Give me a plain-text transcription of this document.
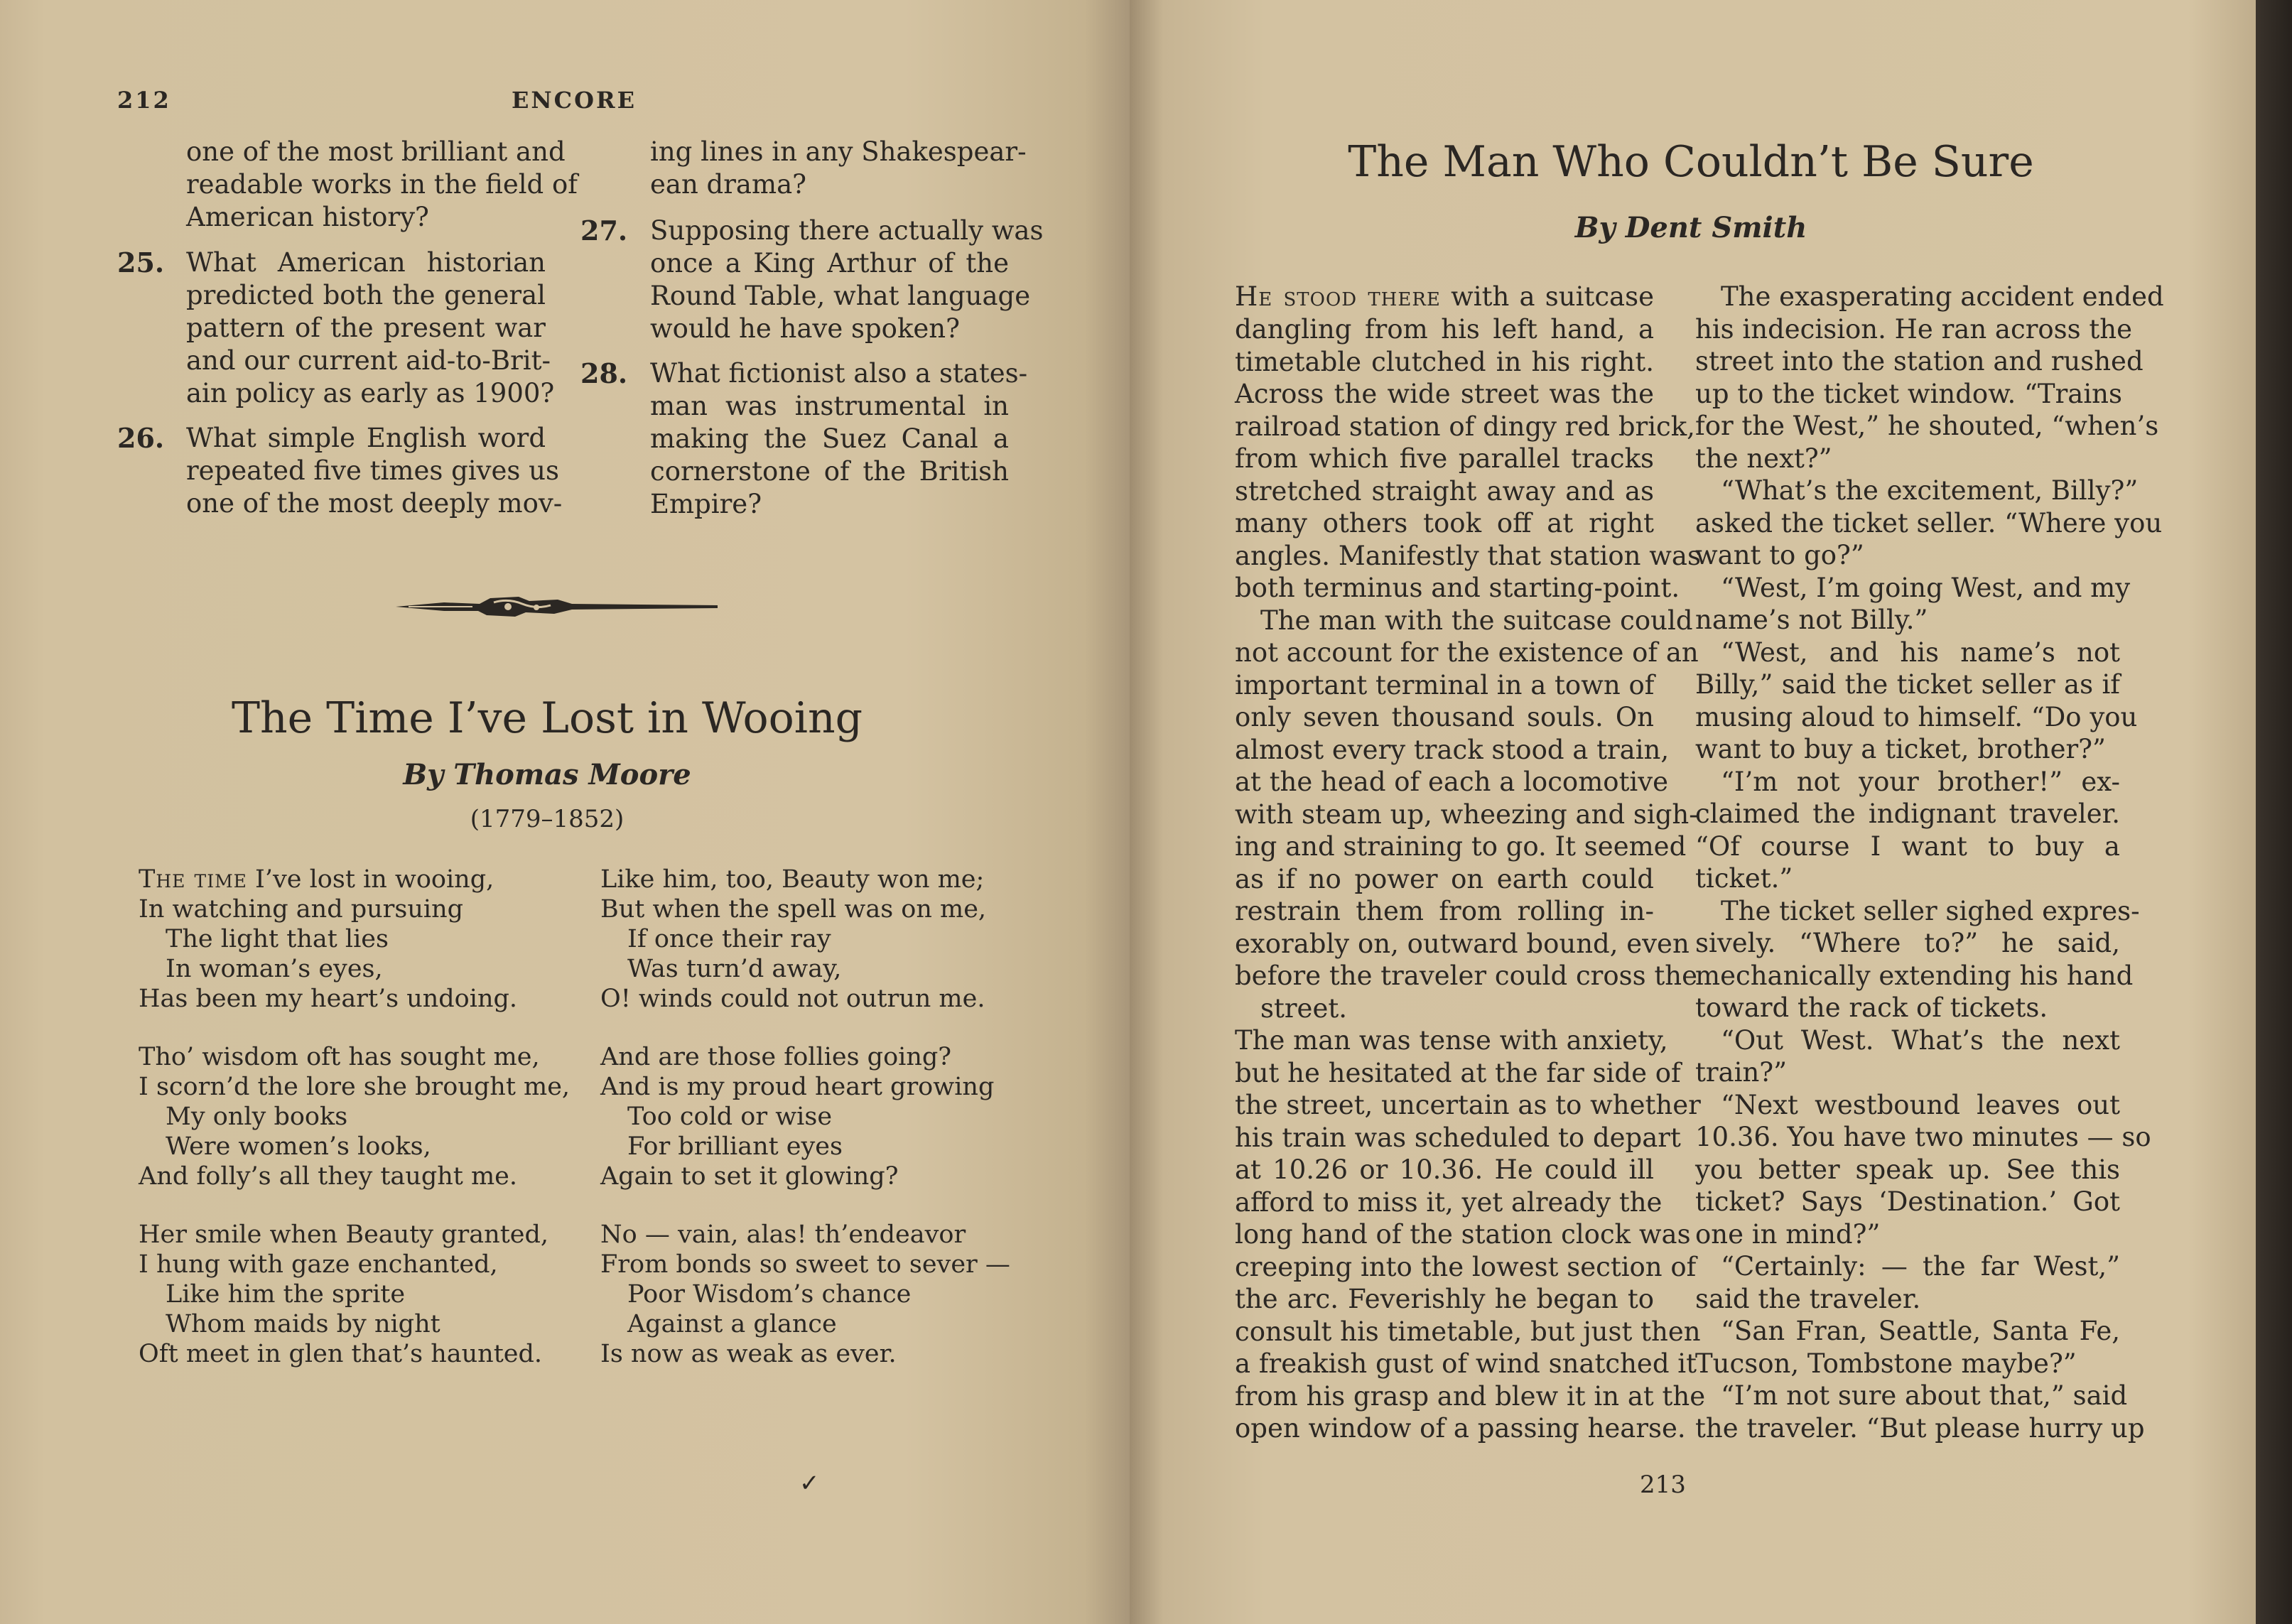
212	ENCORE
one of the most brilliant and
readable works in the field of
American history?
25. What American historian
predicted both the general
pattern of the present war
and our current aid-to-Brit-
ain policy as early as 1900?
26. What simple English word
repeated five times gives us
one of the most deeply mov-
ing lines in any Shakespear-
ean drama?
27. Supposing there actually was
once a King Arthur of the
Round Table, what language
would he have spoken?
28. What fictionist also a states-
man was instrumental in
making the Suez Canal a
cornerstone of the British
Empire?
The Time I’ve Lost in Wooing
By Thomas Moore
(1779–1852)
The time I’ve lost in wooing,
In watching and pursuing
The light that lies
In woman’s eyes,
Has been my heart’s undoing.
Tho’ wisdom oft has sought me,
I scorn’d the lore she brought me,
My only books
Were women’s looks,
And folly’s all they taught me.
Her smile when Beauty granted,
I hung with gaze enchanted,
Like him the sprite
Whom maids by night
Oft meet in glen that’s haunted.
Like him, too, Beauty won me;
But when the spell was on me,
If once their ray
Was turn’d away,
O! winds could not outrun me.
And are those follies going?
And is my proud heart growing
Too cold or wise
For brilliant eyes
Again to set it glowing?
No — vain, alas! th’endeavor
From bonds so sweet to sever —
Poor Wisdom’s chance
Against a glance
Is now as weak as ever.
✓
The Man Who Couldn’t Be Sure
By Dent Smith
He stood there with a suitcase
dangling from his left hand, a
timetable clutched in his right.
Across the wide street was the
railroad station of dingy red brick,
from which five parallel tracks
stretched straight away and as
many others took off at right
angles. Manifestly that station was
both terminus and starting-point.
The man with the suitcase could
not account for the existence of an
important terminal in a town of
only seven thousand souls. On
almost every track stood a train,
at the head of each a locomotive
with steam up, wheezing and sigh-
ing and straining to go. It seemed
as if no power on earth could
restrain them from rolling in-
exorably on, outward bound, even
before the traveler could cross the
street.
The man was tense with anxiety,
but he hesitated at the far side of
the street, uncertain as to whether
his train was scheduled to depart
at 10.26 or 10.36. He could ill
afford to miss it, yet already the
long hand of the station clock was
creeping into the lowest section of
the arc. Feverishly he began to
consult his timetable, but just then
a freakish gust of wind snatched it
from his grasp and blew it in at the
open window of a passing hearse.
The exasperating accident ended
his indecision. He ran across the
street into the station and rushed
up to the ticket window. “Trains
for the West,” he shouted, “when’s
the next?”
“What’s the excitement, Billy?”
asked the ticket seller. “Where you
want to go?”
“West, I’m going West, and my
name’s not Billy.”
“West, and his name’s not
Billy,” said the ticket seller as if
musing aloud to himself. “Do you
want to buy a ticket, brother?”
“I’m not your brother!” ex-
claimed the indignant traveler.
“Of course I want to buy a
ticket.”
The ticket seller sighed expres-
sively. “Where to?” he said,
mechanically extending his hand
toward the rack of tickets.
“Out West. What’s the next
train?”
“Next westbound leaves out
10.36. You have two minutes — so
you better speak up. See this
ticket? Says ‘Destination.’ Got
one in mind?”
“Certainly: — the far West,”
said the traveler.
“San Fran, Seattle, Santa Fe,
Tucson, Tombstone maybe?”
“I’m not sure about that,” said
the traveler. “But please hurry up
213
